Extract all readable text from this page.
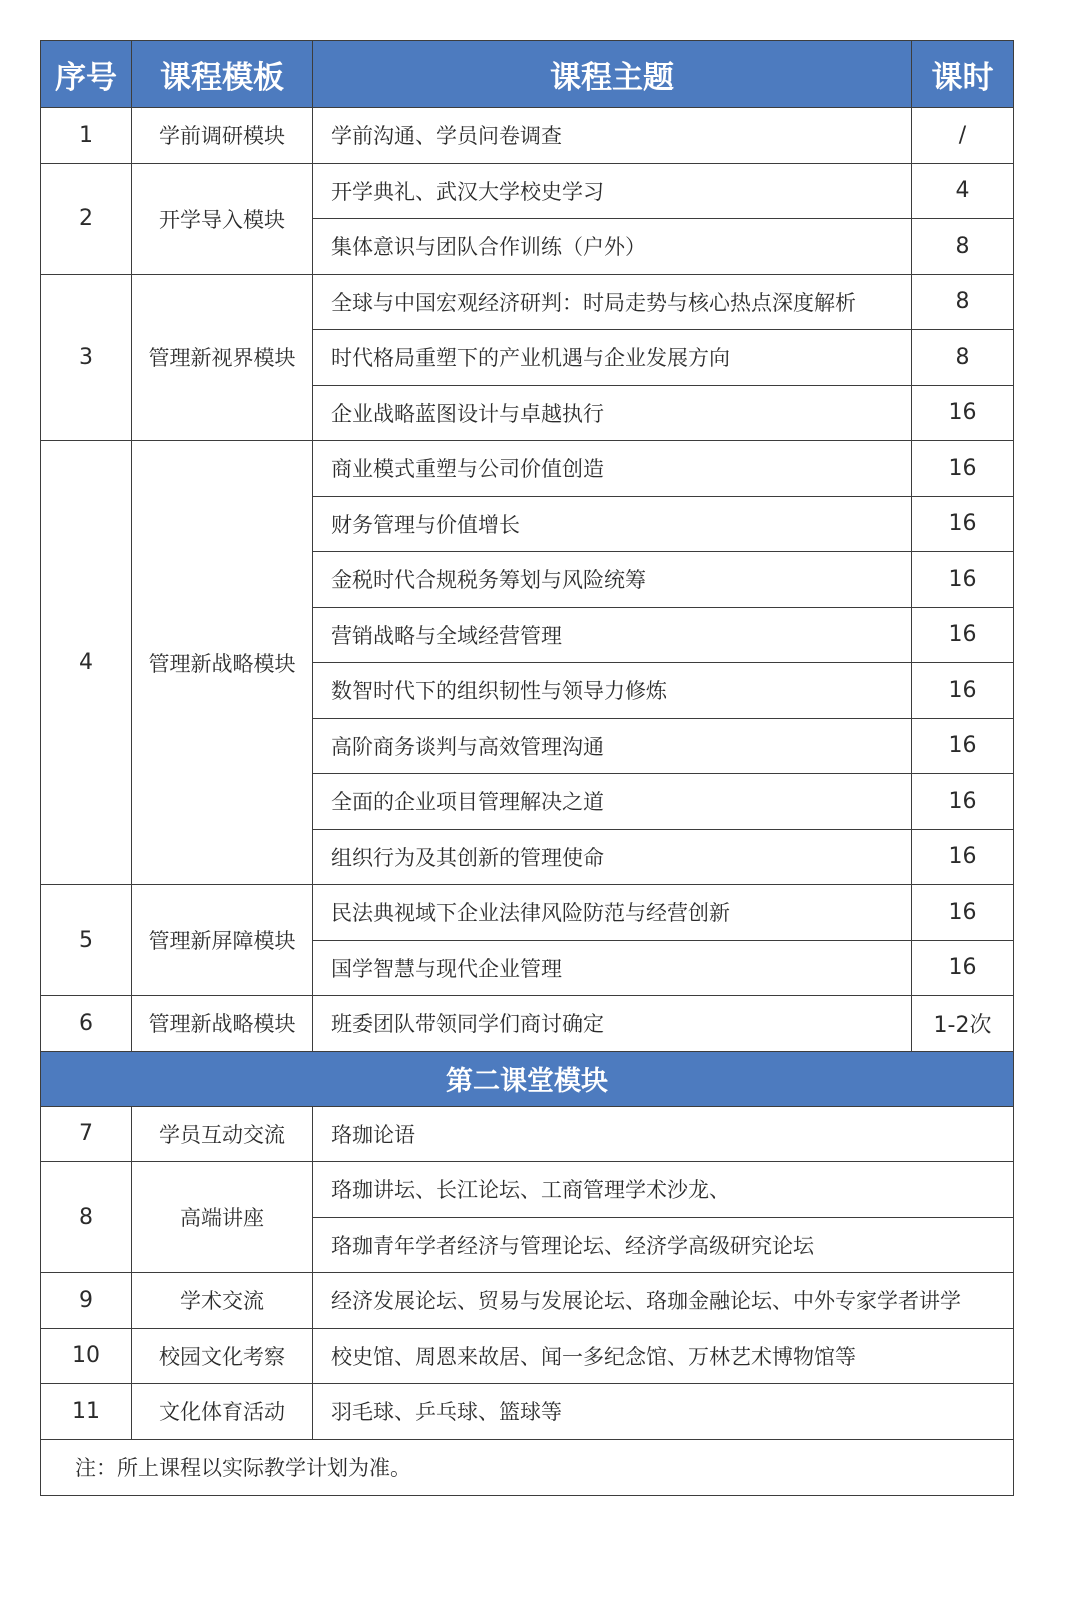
序号	课程模板	课程主题	课时
1	学前调研模块	学前沟通、学员问卷调查	/
2	开学导入模块	开学典礼、武汉大学校史学习	4
		集体意识与团队合作训练（户外）	8
3	管理新视界模块	全球与中国宏观经济研判：时局走势与核心热点深度解析	8
		时代格局重塑下的产业机遇与企业发展方向	8
		企业战略蓝图设计与卓越执行	16
4	管理新战略模块	商业模式重塑与公司价值创造	16
		财务管理与价值增长	16
		金税时代合规税务筹划与风险统筹	16
		营销战略与全域经营管理	16
		数智时代下的组织韧性与领导力修炼	16
		高阶商务谈判与高效管理沟通	16
		全面的企业项目管理解决之道	16
		组织行为及其创新的管理使命	16
5	管理新屏障模块	民法典视域下企业法律风险防范与经营创新	16
		国学智慧与现代企业管理	16
6	管理新战略模块	班委团队带领同学们商讨确定	1-2次
第二课堂模块			
7	学员互动交流	珞珈论语	
8	高端讲座	珞珈讲坛、长江论坛、工商管理学术沙龙、	
		珞珈青年学者经济与管理论坛、经济学高级研究论坛	
9	学术交流	经济发展论坛、贸易与发展论坛、珞珈金融论坛、中外专家学者讲学	
10	校园文化考察	校史馆、周恩来故居、闻一多纪念馆、万林艺术博物馆等	
11	文化体育活动	羽毛球、乒乓球、篮球等	
注：所上课程以实际教学计划为准。			
